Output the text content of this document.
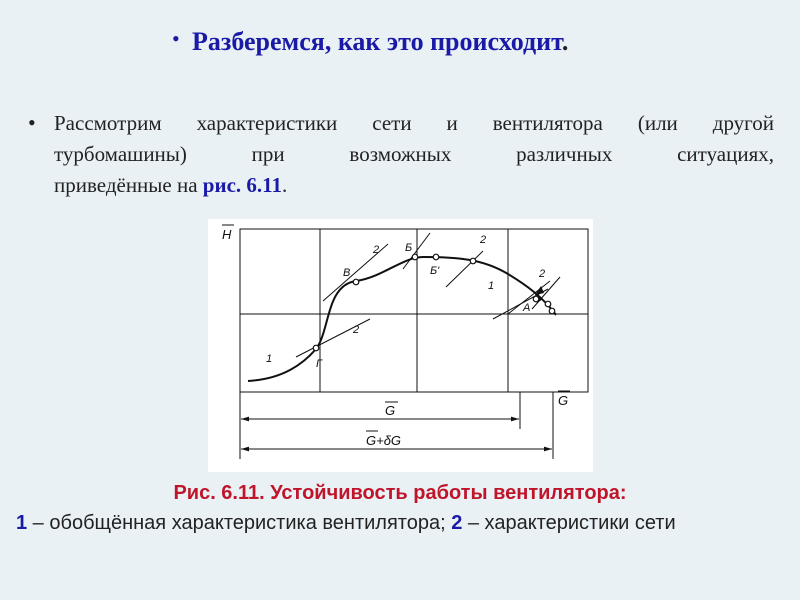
• Разберемся, как это происходит.
• Рассмотрим характеристики сети и вентилятора (или другой
турбомашины) при возможных различных ситуациях,
приведённые на рис. 6.11.
H
G
G
G+δG
В
Б
Б'
Г
А
1
1
2
2
2
2
Рис. 6.11. Устойчивость работы вентилятора:
1 – обобщённая характеристика вентилятора; 2 – характеристики сети
